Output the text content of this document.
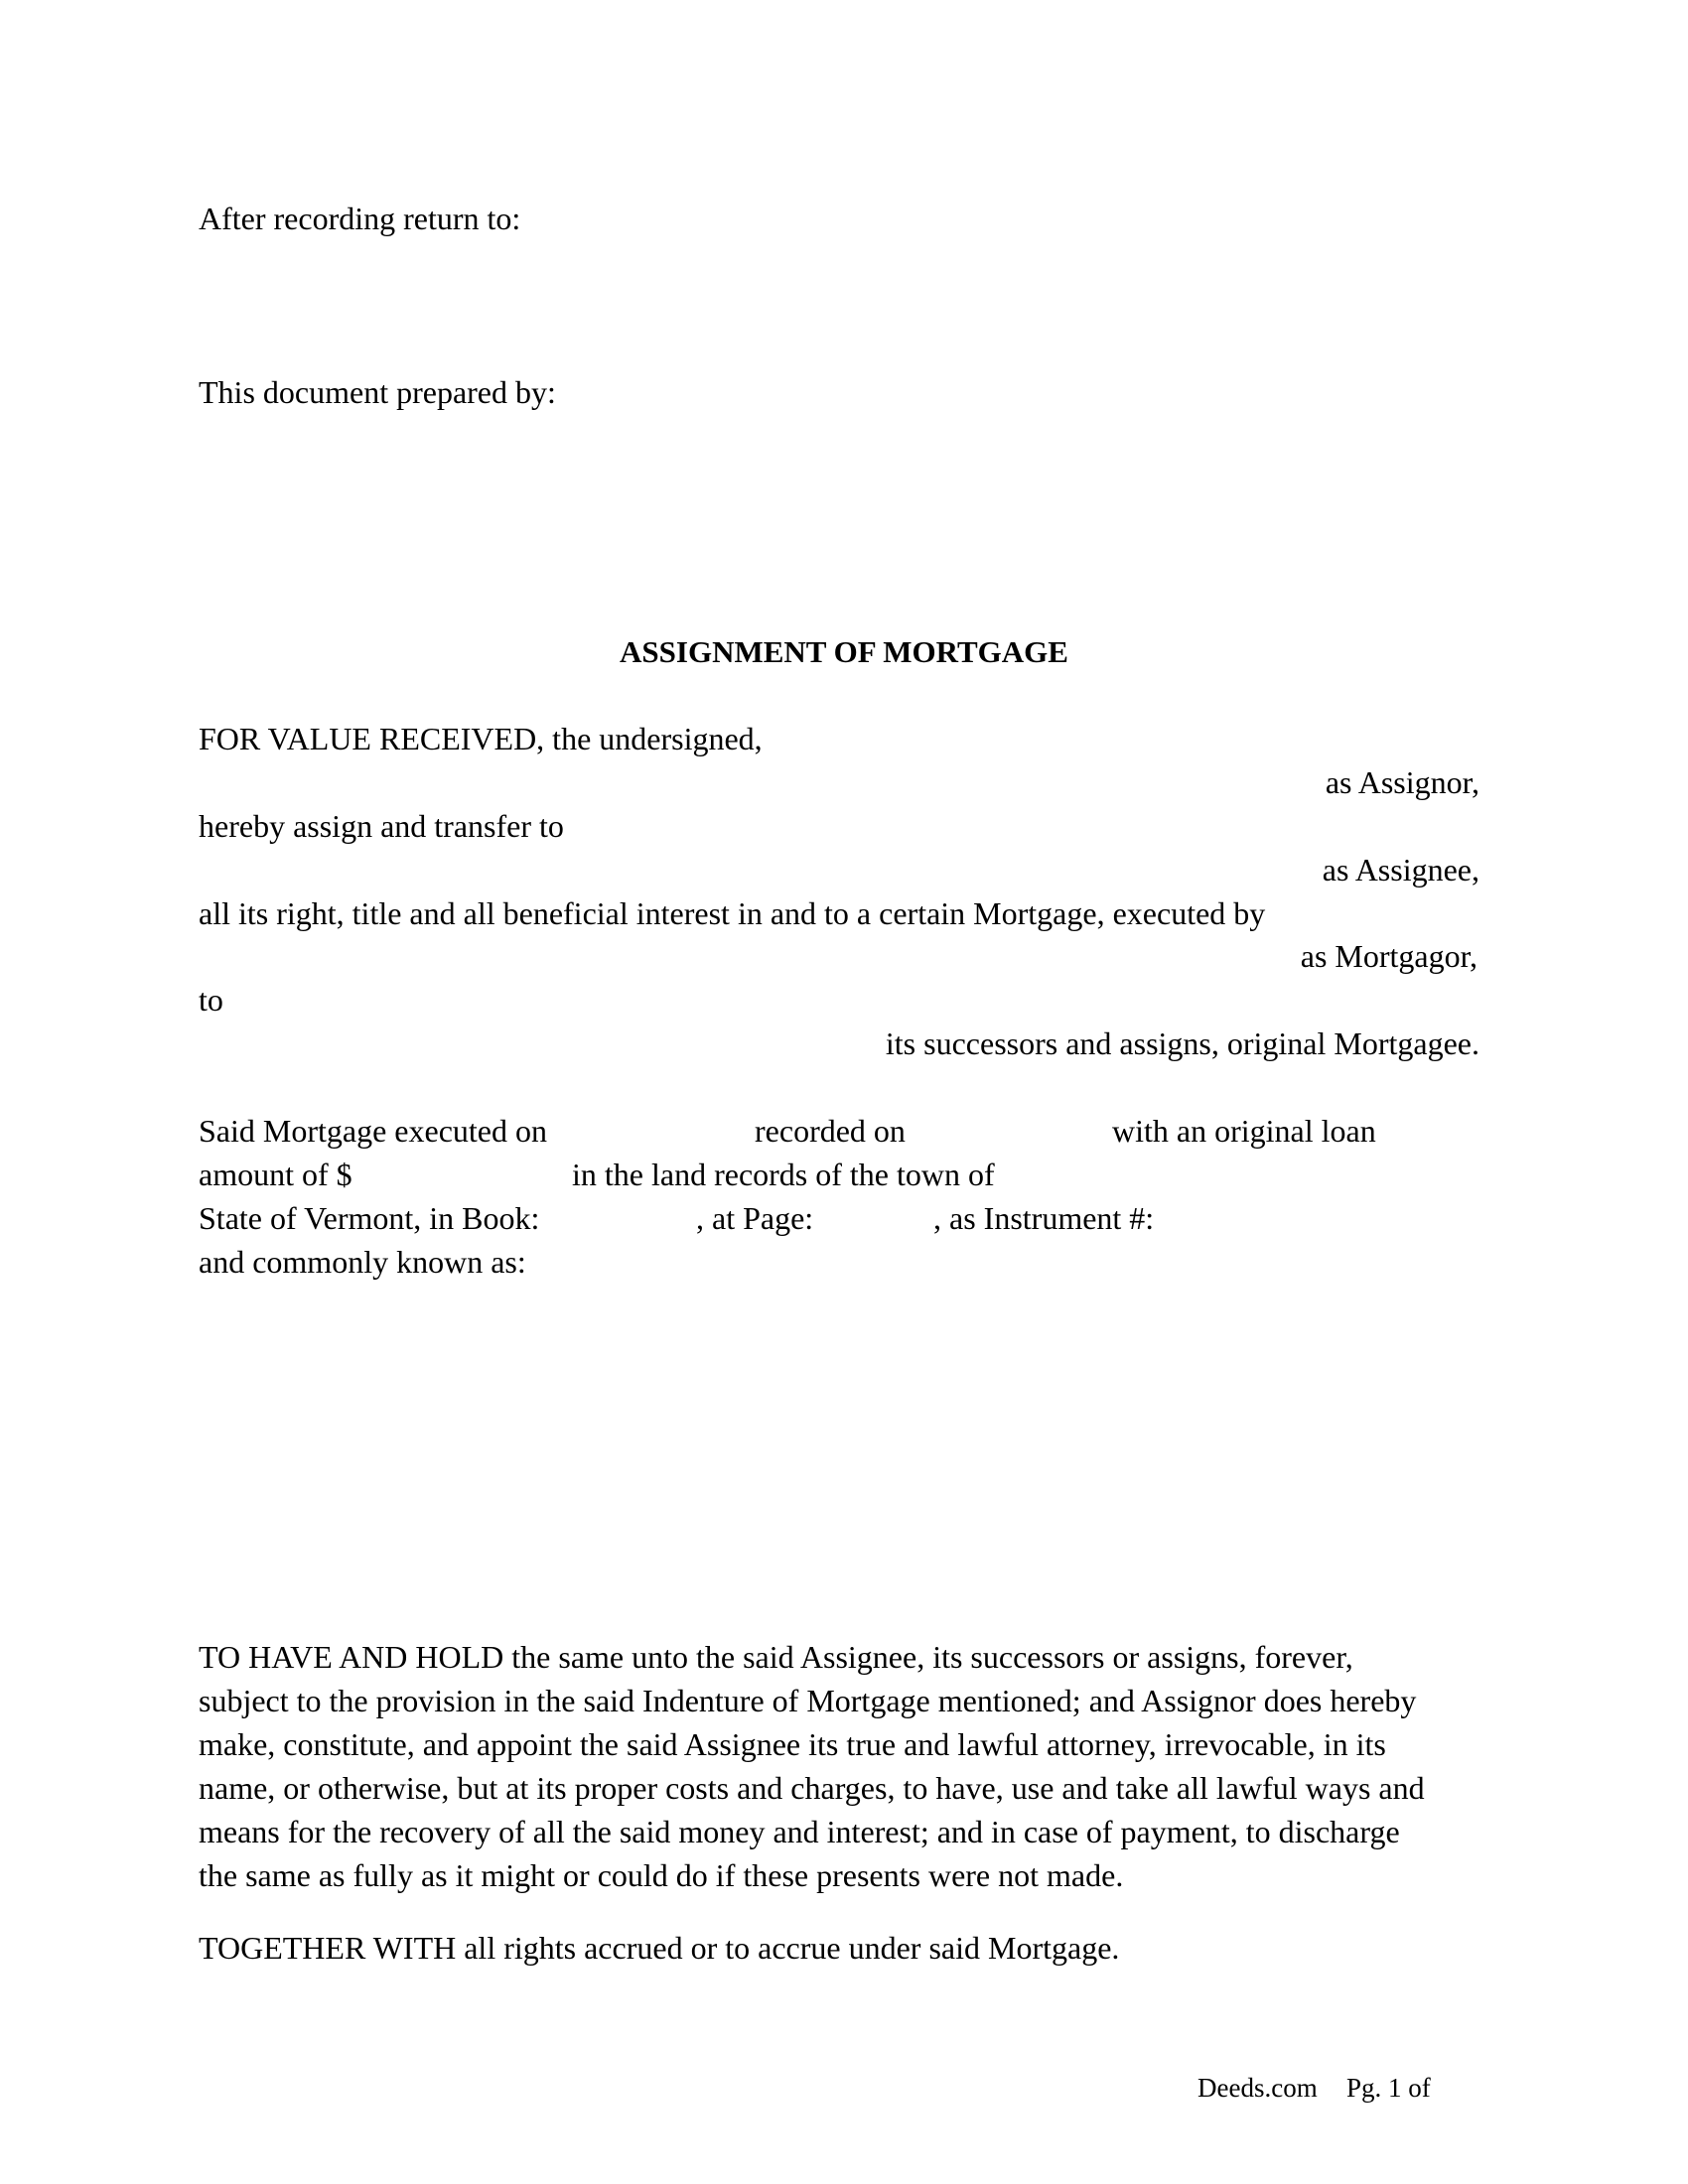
After recording return to:
This document prepared by:
ASSIGNMENT OF MORTGAGE
FOR VALUE RECEIVED, the undersigned,
as Assignor,
hereby assign and transfer to
as Assignee,
all its right, title and all beneficial interest in and to a certain Mortgage, executed by
as Mortgagor,
to
its successors and assigns, original Mortgagee.
Said Mortgage executed on	recorded on	with an original loan
amount of $	in the land records of the town of
State of Vermont, in Book:	, at Page:	, as Instrument #:
and commonly known as:
TO HAVE AND HOLD the same unto the said Assignee, its successors or assigns, forever,
subject to the provision in the said Indenture of Mortgage mentioned; and Assignor does hereby
make, constitute, and appoint the said Assignee its true and lawful attorney, irrevocable, in its
name, or otherwise, but at its proper costs and charges, to have, use and take all lawful ways and
means for the recovery of all the said money and interest; and in case of payment, to discharge
the same as fully as it might or could do if these presents were not made.
TOGETHER WITH all rights accrued or to accrue under said Mortgage.
Deeds.com Pg. 1 of
